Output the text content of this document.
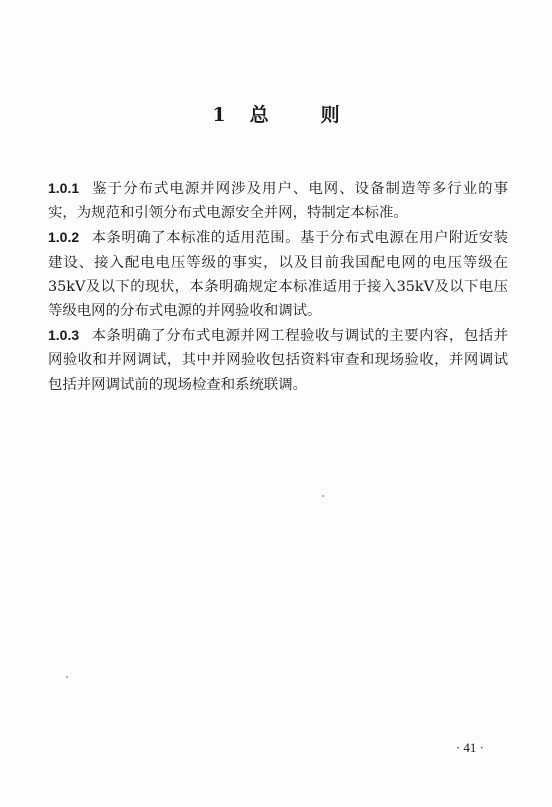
1 总	则

1.0.1 鉴于分布式电源并网涉及用户、电网、设备制造等多行业的事实，为规范和引领分布式电源安全并网，特制定本标准。

1.0.2 本条明确了本标准的适用范围。基于分布式电源在用户附近安装建设、接入配电电压等级的事实，以及目前我国配电网的电压等级在35kV及以下的现状，本条明确规定本标准适用于接入35kV及以下电压等级电网的分布式电源的并网验收和调试。

1.0.3 本条明确了分布式电源并网工程验收与调试的主要内容，包括并网验收和并网调试，其中并网验收包括资料审查和现场验收，并网调试包括并网调试前的现场检查和系统联调。

· 41 ·
